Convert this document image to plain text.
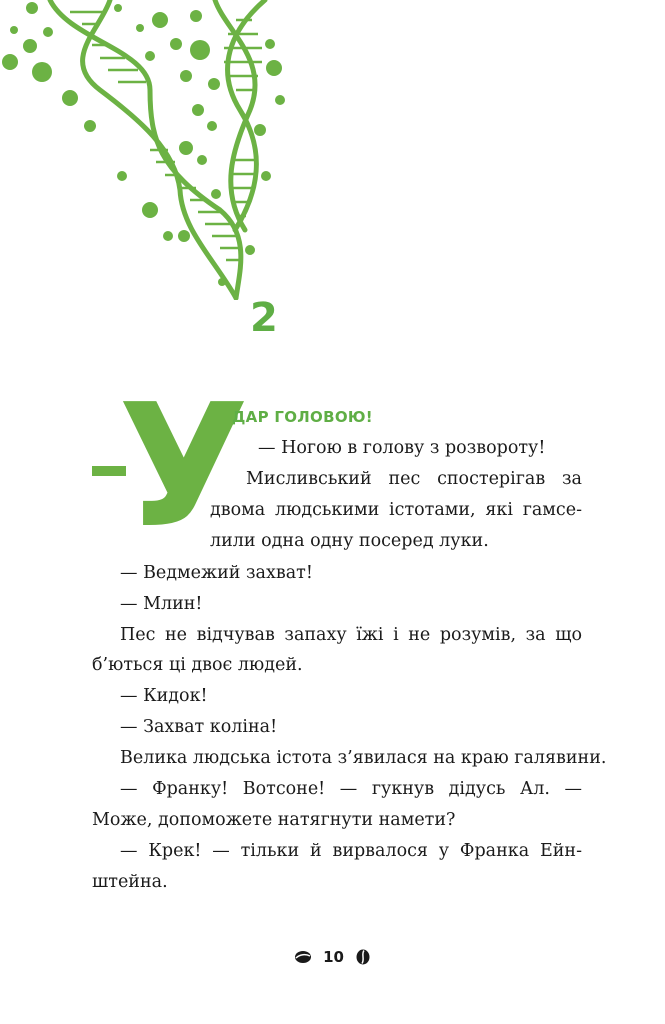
2
У
ДАР ГОЛОВОЮ!
— Ногою в голову з розвороту!
Мисливський пес спостерігав за
двома людськими істотами, які гамсе-
лили одна одну посеред луки.
— Ведмежий захват!
— Млин!
Пес не відчував запаху їжі і не розумів, за що
б’ються ці двоє людей.
— Кидок!
— Захват коліна!
Велика людська істота з’явилася на краю галявини.
— Франку! Вотсоне! — гукнув дідусь Ал. —
Може, допоможете натягнути намети?
— Крек! — тільки й вирвалося у Франка Ейн-
штейна.
10
